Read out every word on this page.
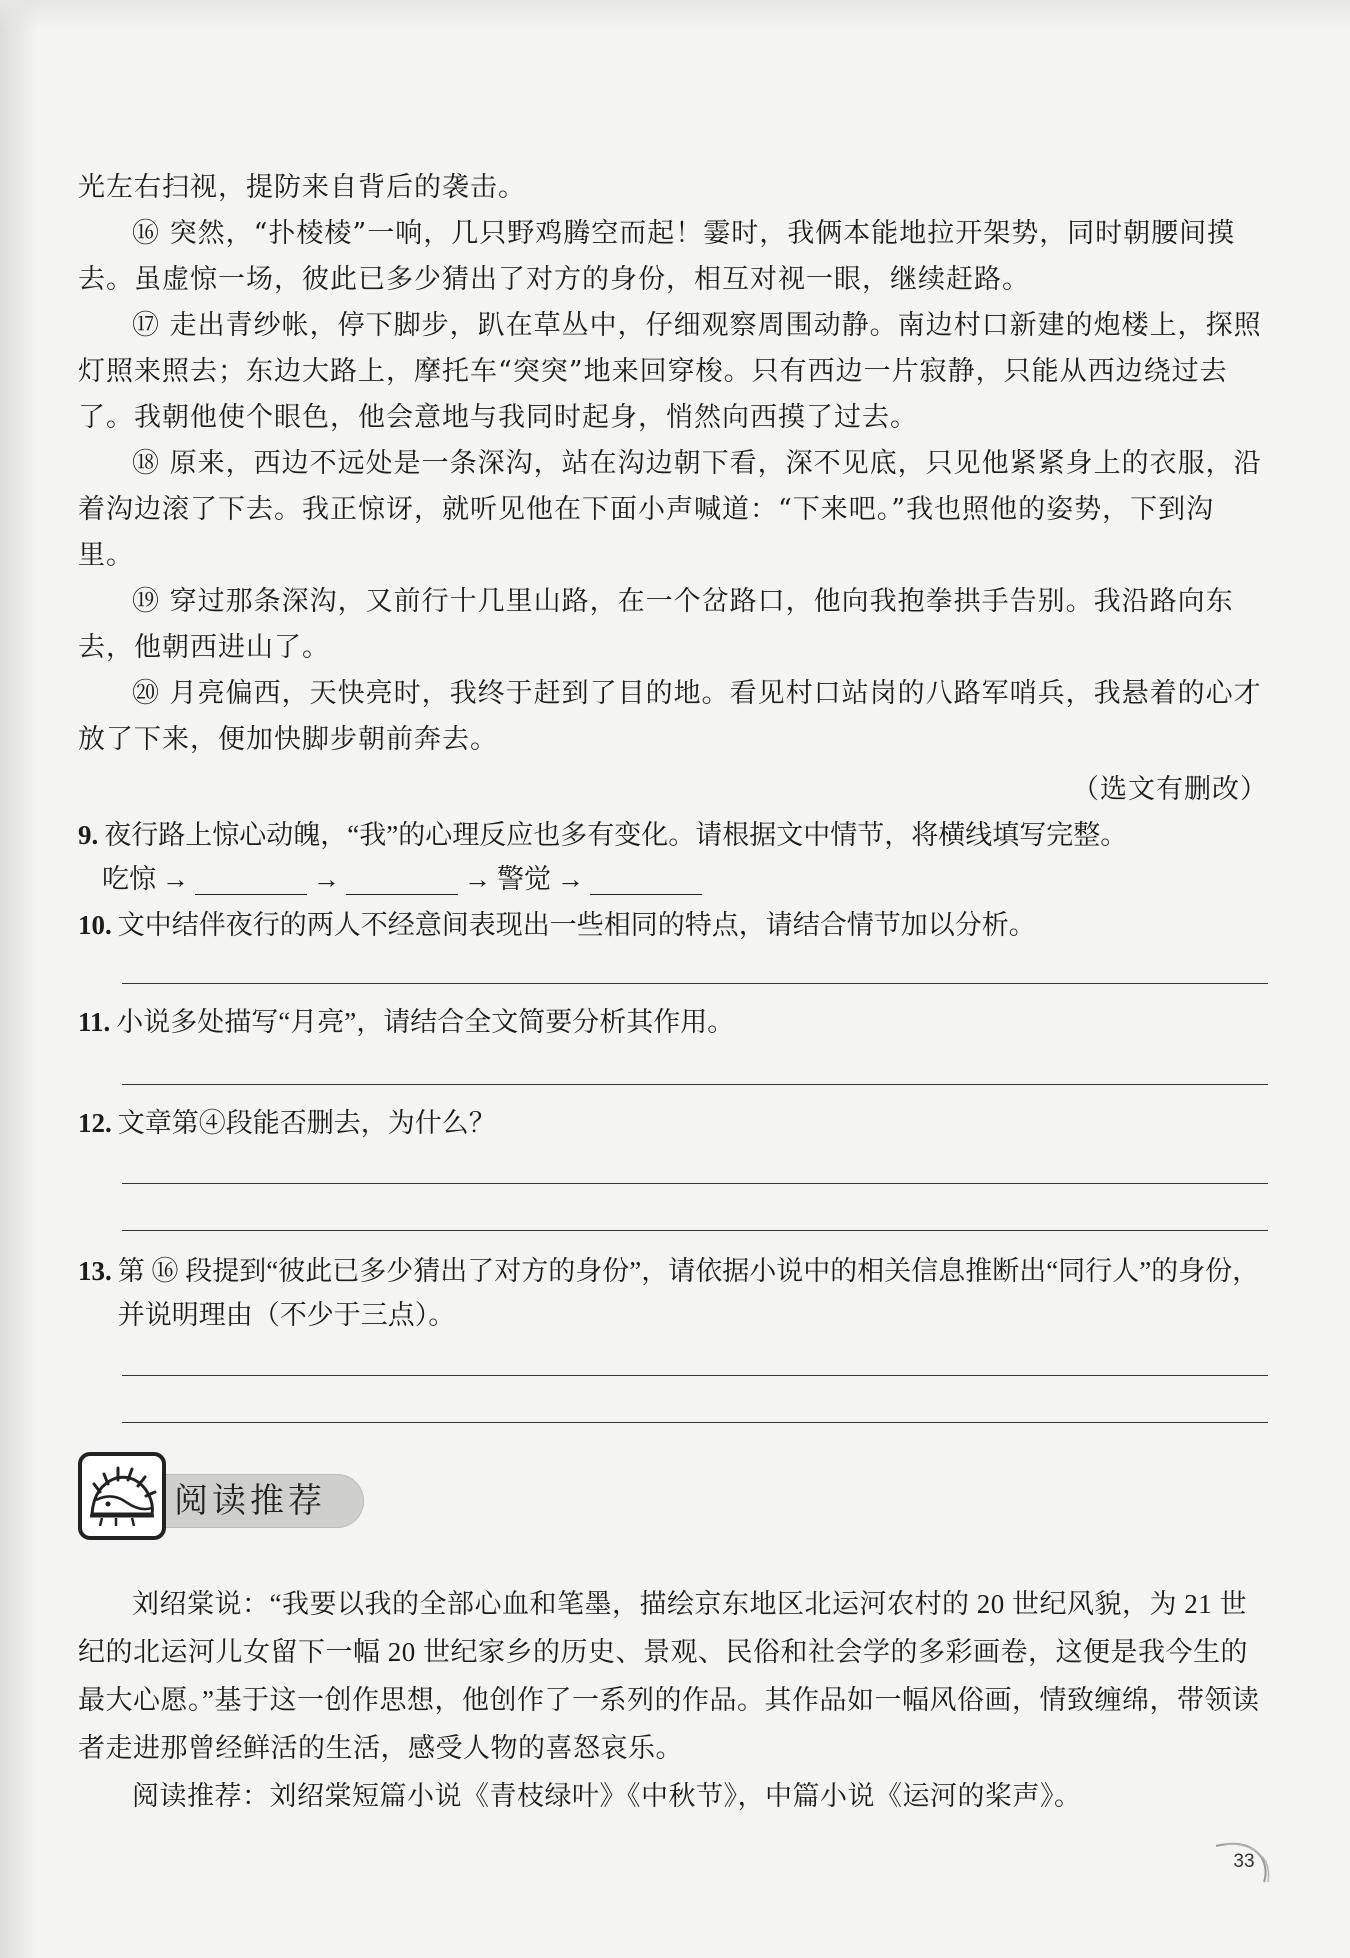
光左右扫视，提防来自背后的袭击。

⑯ 突然，“扑棱棱”一响，几只野鸡腾空而起！霎时，我俩本能地拉开架势，同时朝腰间摸去。虽虚惊一场，彼此已多少猜出了对方的身份，相互对视一眼，继续赶路。

⑰ 走出青纱帐，停下脚步，趴在草丛中，仔细观察周围动静。南边村口新建的炮楼上，探照灯照来照去；东边大路上，摩托车“突突”地来回穿梭。只有西边一片寂静，只能从西边绕过去了。我朝他使个眼色，他会意地与我同时起身，悄然向西摸了过去。

⑱ 原来，西边不远处是一条深沟，站在沟边朝下看，深不见底，只见他紧紧身上的衣服，沿着沟边滚了下去。我正惊讶，就听见他在下面小声喊道：“下来吧。”我也照他的姿势，下到沟里。

⑲ 穿过那条深沟，又前行十几里山路，在一个岔路口，他向我抱拳拱手告别。我沿路向东去，他朝西进山了。

⑳ 月亮偏西，天快亮时，我终于赶到了目的地。看见村口站岗的八路军哨兵，我悬着的心才放了下来，便加快脚步朝前奔去。

（选文有删改）
9. 夜行路上惊心动魄，“我”的心理反应也多有变化。请根据文中情节，将横线填写完整。
吃惊 →	→	→ 警觉 →
10. 文中结伴夜行的两人不经意间表现出一些相同的特点，请结合情节加以分析。
11. 小说多处描写“月亮”，请结合全文简要分析其作用。
12. 文章第④段能否删去，为什么？
13. 第 ⑯ 段提到“彼此已多少猜出了对方的身份”，请依据小说中的相关信息推断出“同行人”的身份，并说明理由（不少于三点）。
阅读推荐

刘绍棠说：“我要以我的全部心血和笔墨，描绘京东地区北运河农村的 20 世纪风貌，为 21 世纪的北运河儿女留下一幅 20 世纪家乡的历史、景观、民俗和社会学的多彩画卷，这便是我今生的最大心愿。”基于这一创作思想，他创作了一系列的作品。其作品如一幅风俗画，情致缠绵，带领读者走进那曾经鲜活的生活，感受人物的喜怒哀乐。

阅读推荐：刘绍棠短篇小说《青枝绿叶》《中秋节》，中篇小说《运河的桨声》。

33
